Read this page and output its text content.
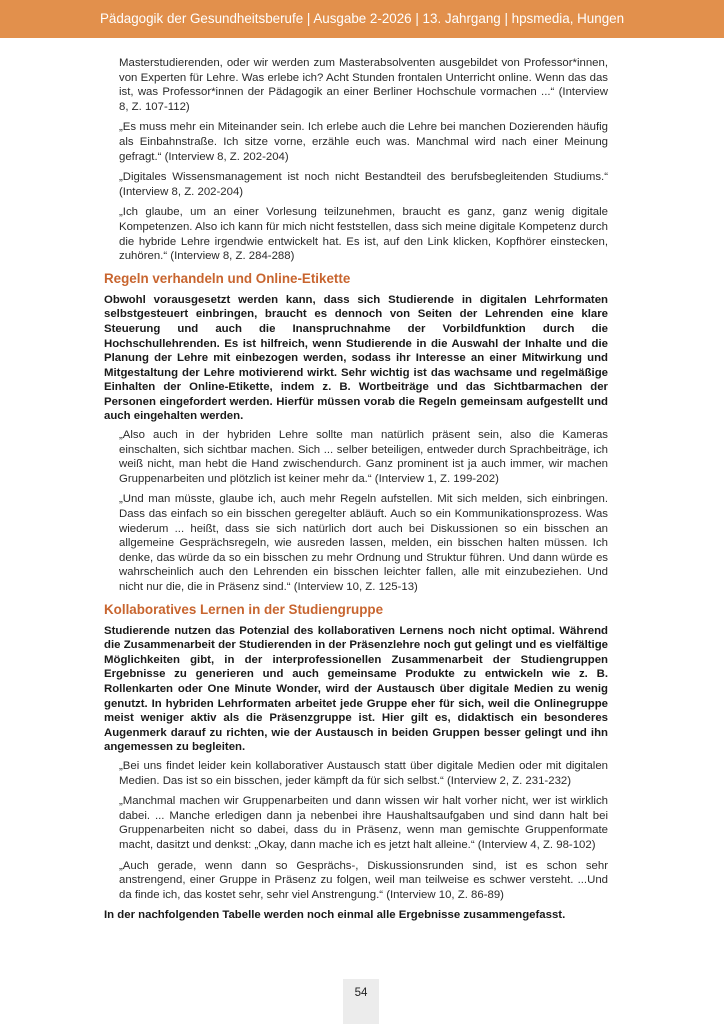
Pädagogik der Gesundheitsberufe | Ausgabe 2-2026 | 13. Jahrgang | hpsmedia, Hungen

Masterstudierenden, oder wir werden zum Masterabsolventen ausgebildet von Professor*innen, von Experten für Lehre. Was erlebe ich? Acht Stunden frontalen Unterricht online. Wenn das das ist, was Professor*innen der Pädagogik an einer Berliner Hochschule vormachen ...“ (Interview 8, Z. 107-112)

„Es muss mehr ein Miteinander sein. Ich erlebe auch die Lehre bei manchen Dozierenden häufig als Einbahnstraße. Ich sitze vorne, erzähle euch was. Manchmal wird nach einer Meinung gefragt.“ (Interview 8, Z. 202-204)

„Digitales Wissensmanagement ist noch nicht Bestandteil des berufsbegleitenden Studiums.“ (Interview 8, Z. 202-204)

„Ich glaube, um an einer Vorlesung teilzunehmen, braucht es ganz, ganz wenig digitale Kompetenzen. Also ich kann für mich nicht feststellen, dass sich meine digitale Kompetenz durch die hybride Lehre irgendwie entwickelt hat. Es ist, auf den Link klicken, Kopfhörer einstecken, zuhören.“ (Interview 8, Z. 284-288)

Regeln verhandeln und Online-Etikette

Obwohl vorausgesetzt werden kann, dass sich Studierende in digitalen Lehrformaten selbstgesteuert einbringen, braucht es dennoch von Seiten der Lehrenden eine klare Steuerung und auch die Inanspruchnahme der Vorbildfunktion durch die Hochschullehrenden. Es ist hilfreich, wenn Studierende in die Auswahl der Inhalte und die Planung der Lehre mit einbezogen werden, sodass ihr Interesse an einer Mitwirkung und Mitgestaltung der Lehre motivierend wirkt. Sehr wichtig ist das wachsame und regelmäßige Einhalten der Online-Etikette, indem z. B. Wortbeiträge und das Sichtbarmachen der Personen eingefordert werden. Hierfür müssen vorab die Regeln gemeinsam aufgestellt und auch eingehalten werden.

„Also auch in der hybriden Lehre sollte man natürlich präsent sein, also die Kameras einschalten, sich sichtbar machen. Sich ... selber beteiligen, entweder durch Sprachbeiträge, ich weiß nicht, man hebt die Hand zwischendurch. Ganz prominent ist ja auch immer, wir machen Gruppenarbeiten und plötzlich ist keiner mehr da.“ (Interview 1, Z. 199-202)

„Und man müsste, glaube ich, auch mehr Regeln aufstellen. Mit sich melden, sich einbringen. Dass das einfach so ein bisschen geregelter abläuft. Auch so ein Kommunikationsprozess. Was wiederum ... heißt, dass sie sich natürlich dort auch bei Diskussionen so ein bisschen an allgemeine Gesprächsregeln, wie ausreden lassen, melden, ein bisschen halten müssen. Ich denke, das würde da so ein bisschen zu mehr Ordnung und Struktur führen. Und dann würde es wahrscheinlich auch den Lehrenden ein bisschen leichter fallen, alle mit einzubeziehen. Und nicht nur die, die in Präsenz sind.“ (Interview 10, Z. 125-13)

Kollaboratives Lernen in der Studiengruppe

Studierende nutzen das Potenzial des kollaborativen Lernens noch nicht optimal. Während die Zusammenarbeit der Studierenden in der Präsenzlehre noch gut gelingt und es vielfältige Möglichkeiten gibt, in der interprofessionellen Zusammenarbeit der Studiengruppen Ergebnisse zu generieren und auch gemeinsame Produkte zu entwickeln wie z. B. Rollenkarten oder One Minute Wonder, wird der Austausch über digitale Medien zu wenig genutzt. In hybriden Lehrformaten arbeitet jede Gruppe eher für sich, weil die Onlinegruppe meist weniger aktiv als die Präsenzgruppe ist. Hier gilt es, didaktisch ein besonderes Augenmerk darauf zu richten, wie der Austausch in beiden Gruppen besser gelingt und ihn angemessen zu begleiten.

„Bei uns findet leider kein kollaborativer Austausch statt über digitale Medien oder mit digitalen Medien. Das ist so ein bisschen, jeder kämpft da für sich selbst.“ (Interview 2, Z. 231-232)

„Manchmal machen wir Gruppenarbeiten und dann wissen wir halt vorher nicht, wer ist wirklich dabei. ... Manche erledigen dann ja nebenbei ihre Haushaltsaufgaben und sind dann halt bei Gruppenarbeiten nicht so dabei, dass du in Präsenz, wenn man gemischte Gruppenformate macht, dasitzt und denkst: „Okay, dann mache ich es jetzt halt alleine.“ (Interview 4, Z. 98-102)

„Auch gerade, wenn dann so Gesprächs-, Diskussionsrunden sind, ist es schon sehr anstrengend, einer Gruppe in Präsenz zu folgen, weil man teilweise es schwer versteht. ...Und da finde ich, das kostet sehr, sehr viel Anstrengung.“ (Interview 10, Z. 86-89)

In der nachfolgenden Tabelle werden noch einmal alle Ergebnisse zusammengefasst.

54
